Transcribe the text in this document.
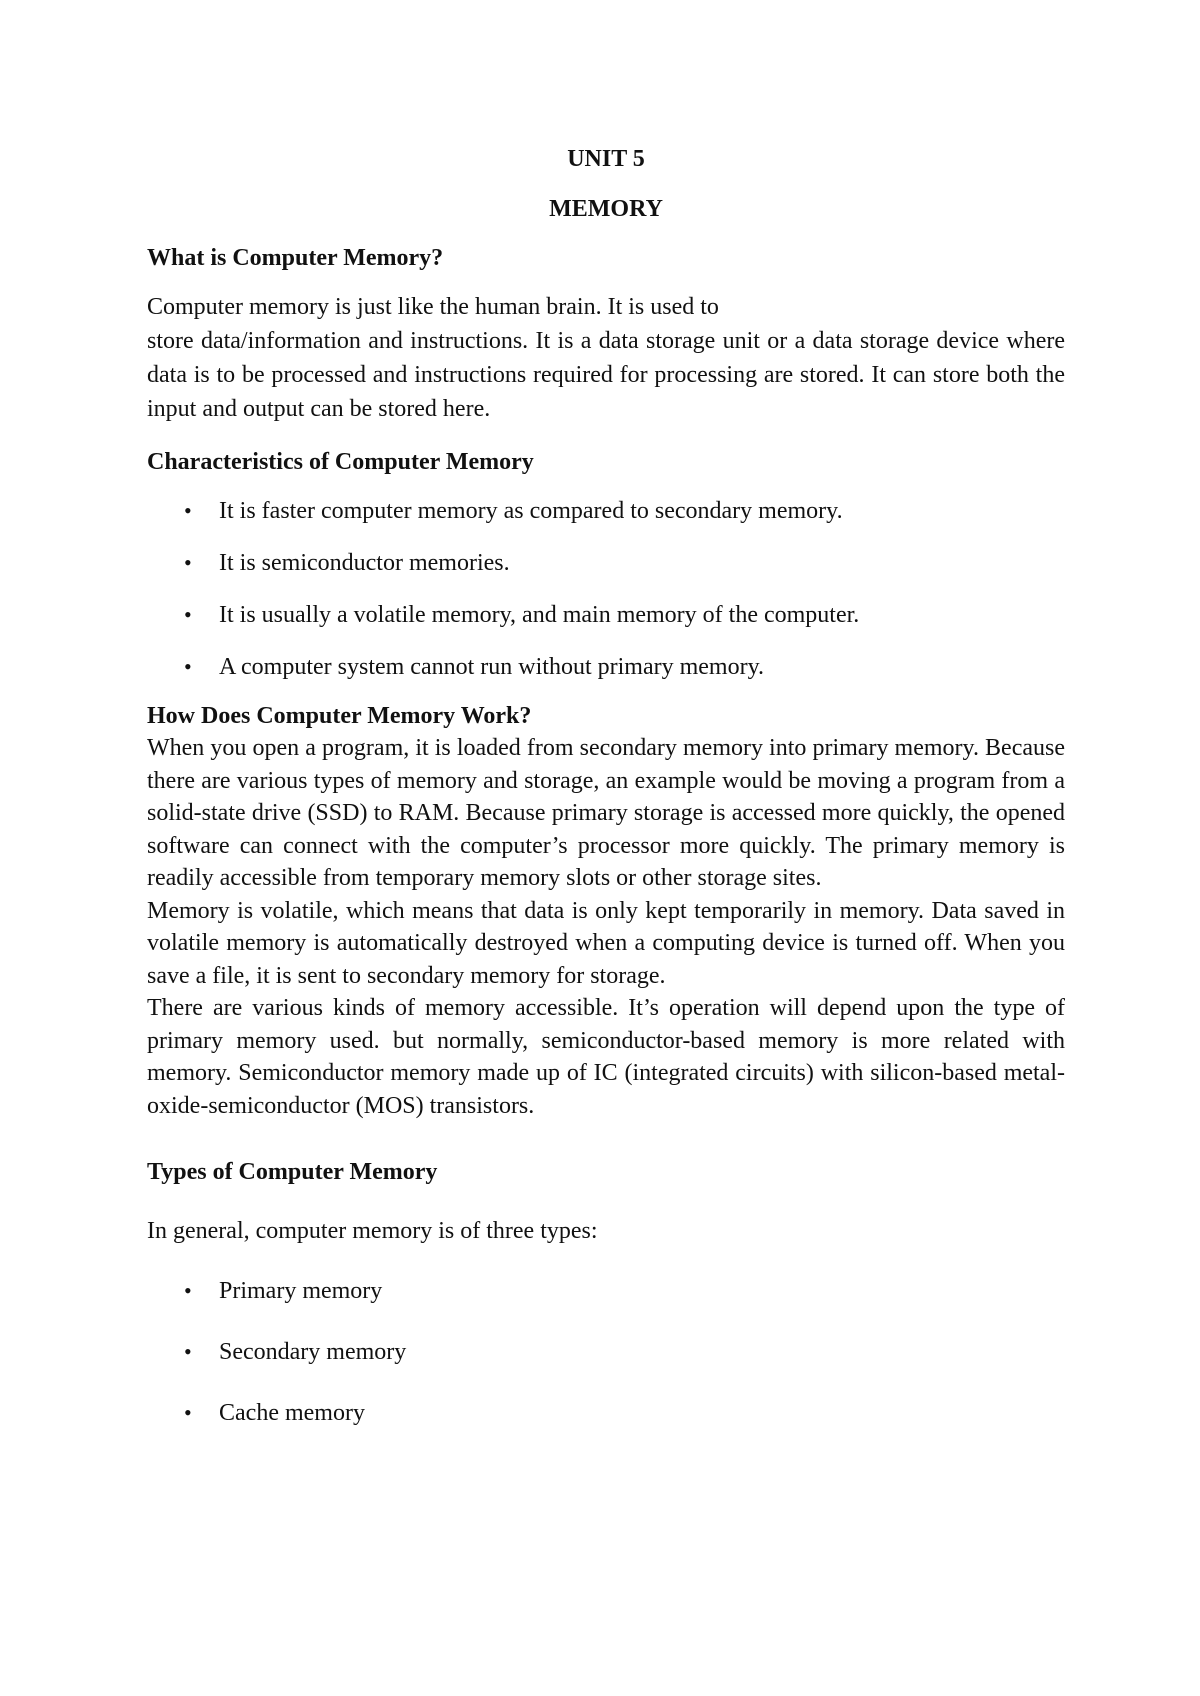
UNIT 5

MEMORY

What is Computer Memory?

Computer memory is just like the human brain. It is used to

store data/information and instructions. It is a data storage unit or a data storage device where data is to be processed and instructions required for processing are stored. It can store both the input and output can be stored here.

Characteristics of Computer Memory
• It is faster computer memory as compared to secondary memory.
• It is semiconductor memories.
• It is usually a volatile memory, and main memory of the computer.
• A computer system cannot run without primary memory.
How Does Computer Memory Work?

When you open a program, it is loaded from secondary memory into primary memory. Because there are various types of memory and storage, an example would be moving a program from a solid-state drive (SSD) to RAM. Because primary storage is accessed more quickly, the opened software can connect with the computer’s processor more quickly. The primary memory is readily accessible from temporary memory slots or other storage sites.

Memory is volatile, which means that data is only kept temporarily in memory. Data saved in volatile memory is automatically destroyed when a computing device is turned off. When you save a file, it is sent to secondary memory for storage.

There are various kinds of memory accessible. It’s operation will depend upon the type of primary memory used. but normally, semiconductor-based memory is more related with memory. Semiconductor memory made up of IC (integrated circuits) with silicon-based metal-oxide-semiconductor (MOS) transistors.

Types of Computer Memory

In general, computer memory is of three types:

• Primary memory
• Secondary memory
• Cache memory
